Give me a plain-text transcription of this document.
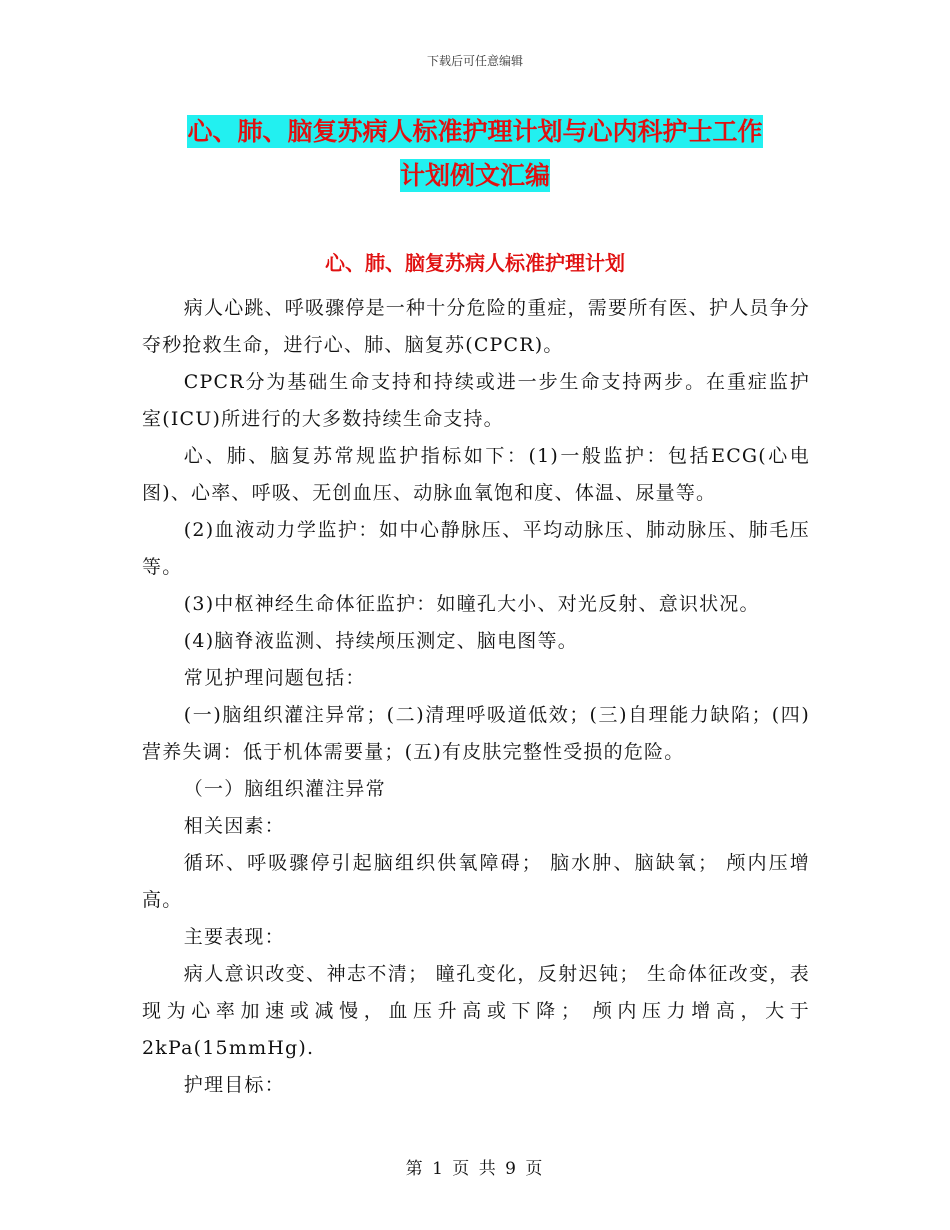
下载后可任意编辑
心、肺、脑复苏病人标准护理计划与心内科护士工作
计划例文汇编
心、肺、脑复苏病人标准护理计划

病人心跳、呼吸骤停是一种十分危险的重症，需要所有医、护人员争分夺秒抢救生命，进行心、肺、脑复苏(CPCR)。

CPCR分为基础生命支持和持续或进一步生命支持两步。在重症监护室(ICU)所进行的大多数持续生命支持。

心、肺、脑复苏常规监护指标如下：(1)一般监护：包括ECG(心电图)、心率、呼吸、无创血压、动脉血氧饱和度、体温、尿量等。

(2)血液动力学监护：如中心静脉压、平均动脉压、肺动脉压、肺毛压等。

(3)中枢神经生命体征监护：如瞳孔大小、对光反射、意识状况。

(4)脑脊液监测、持续颅压测定、脑电图等。

常见护理问题包括：

(一)脑组织灌注异常；(二)清理呼吸道低效；(三)自理能力缺陷；(四)营养失调：低于机体需要量；(五)有皮肤完整性受损的危险。

（一）脑组织灌注异常

相关因素：

循环、呼吸骤停引起脑组织供氧障碍； 脑水肿、脑缺氧； 颅内压增高。

主要表现：

病人意识改变、神志不清； 瞳孔变化，反射迟钝； 生命体征改变，表现为心率加速或减慢，血压升高或下降； 颅内压力增高，大于2kPa(15mmHg).

护理目标：

第 1 页 共 9 页
